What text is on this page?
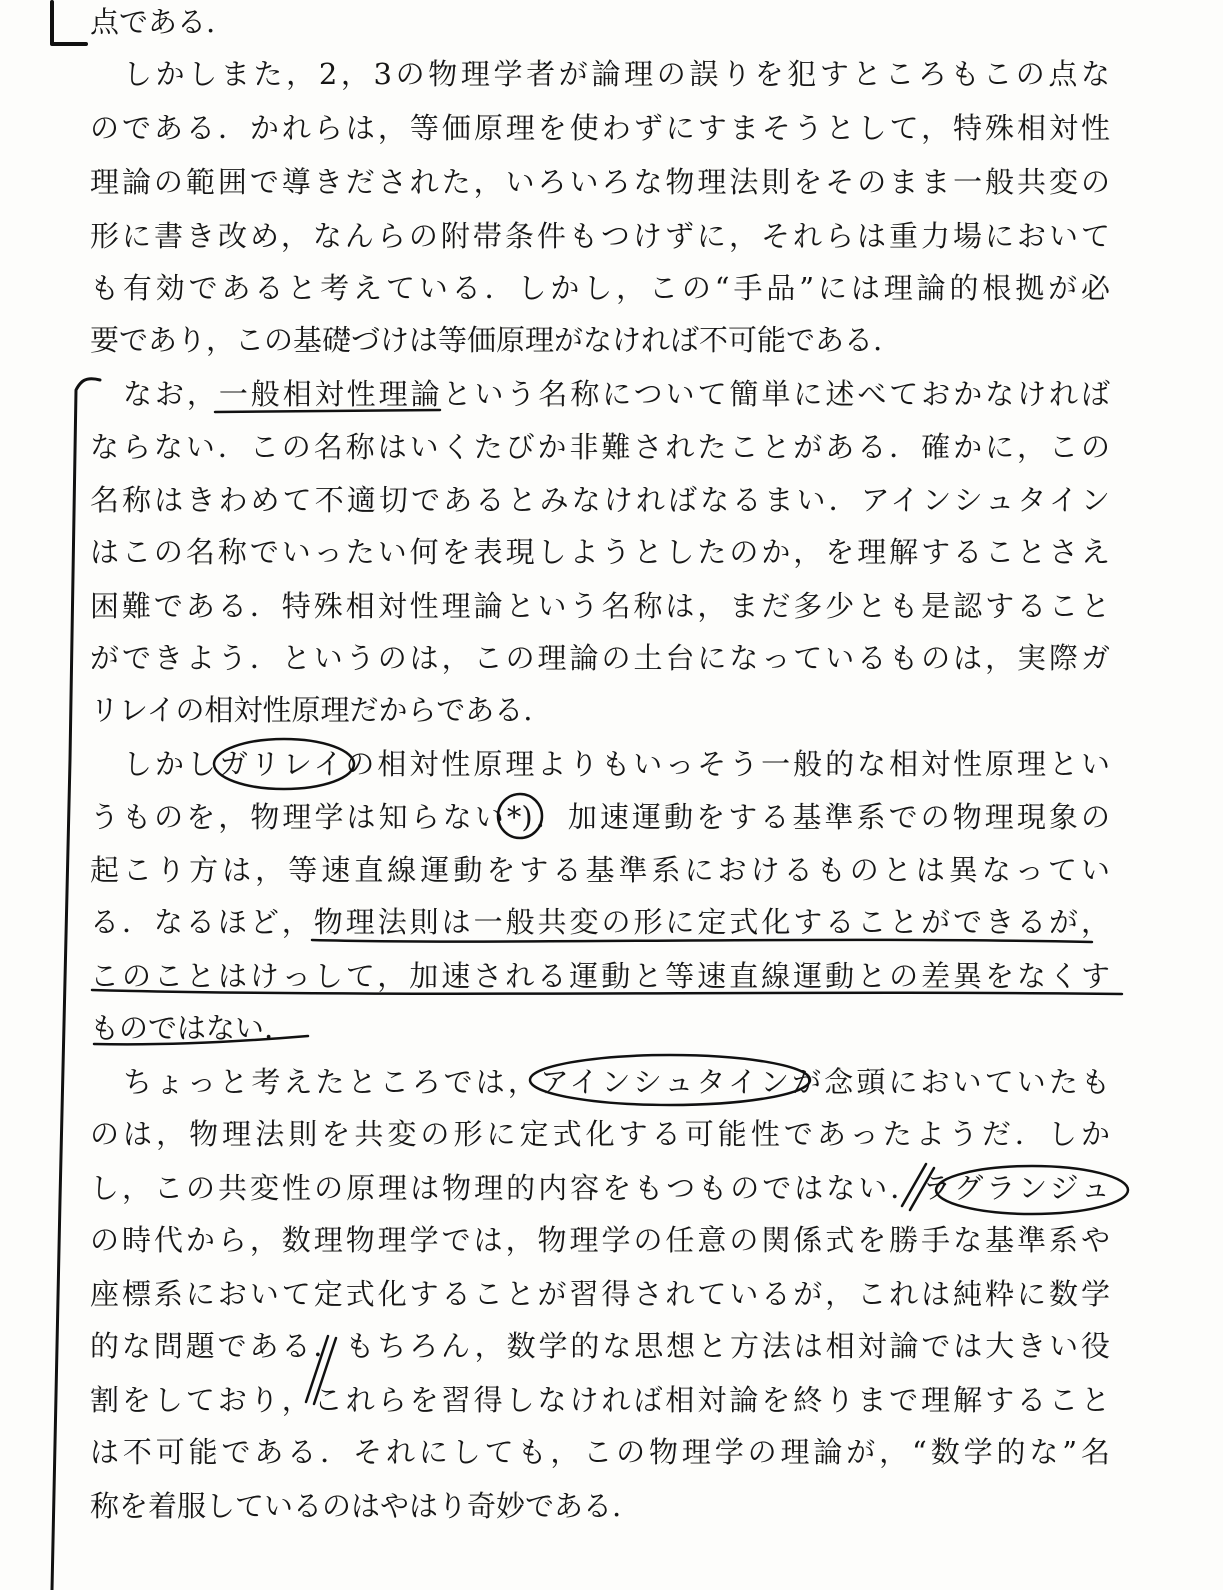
点である.
しかしまた，2，3の物理学者が論理の誤りを犯すところもこの点な
のである．かれらは，等価原理を使わずにすまそうとして，特殊相対性
理論の範囲で導きだされた，いろいろな物理法則をそのまま一般共変の
形に書き改め，なんらの附帯条件もつけずに，それらは重力場において
も有効であると考えている．しかし，この“手品”には理論的根拠が必
要であり，この基礎づけは等価原理がなければ不可能である.
なお，一般相対性理論という名称について簡単に述べておかなければ
ならない．この名称はいくたびか非難されたことがある．確かに，この
名称はきわめて不適切であるとみなければなるまい．アインシュタイン
はこの名称でいったい何を表現しようとしたのか，を理解することさえ
困難である．特殊相対性理論という名称は，まだ多少とも是認すること
ができよう．というのは，この理論の土台になっているものは，実際ガ
リレイの相対性原理だからである.
しかしガリレイの相対性原理よりもいっそう一般的な相対性原理とい
うものを，物理学は知らない*)．加速運動をする基準系での物理現象の
起こり方は，等速直線運動をする基準系におけるものとは異なってい
る．なるほど，物理法則は一般共変の形に定式化することができるが，
このことはけっして，加速される運動と等速直線運動との差異をなくす
ものではない.
ちょっと考えたところでは，アインシュタインが念頭においていたも
のは，物理法則を共変の形に定式化する可能性であったようだ．しか
し，この共変性の原理は物理的内容をもつものではない．ラグランジュ
の時代から，数理物理学では，物理学の任意の関係式を勝手な基準系や
座標系において定式化することが習得されているが，これは純粋に数学
的な問題である．もちろん，数学的な思想と方法は相対論では大きい役
割をしており，これらを習得しなければ相対論を終りまで理解すること
は不可能である．それにしても，この物理学の理論が，“数学的な”名
称を着服しているのはやはり奇妙である.
